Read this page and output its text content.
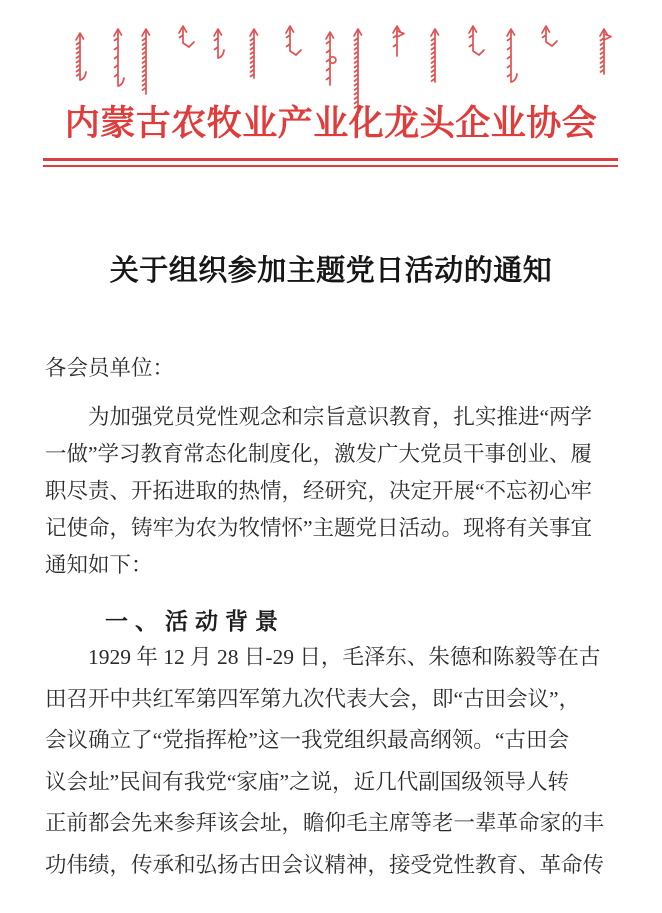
内蒙古农牧业产业化龙头企业协会
关于组织参加主题党日活动的通知
各会员单位：
为加强党员党性观念和宗旨意识教育，扎实推进“两学
一做”学习教育常态化制度化，激发广大党员干事创业、履
职尽责、开拓进取的热情，经研究，决定开展“不忘初心牢
记使命，铸牢为农为牧情怀”主题党日活动。现将有关事宜
通知如下：
一、活动背景
1929 年 12 月 28 日-29 日，毛泽东、朱德和陈毅等在古
田召开中共红军第四军第九次代表大会，即“古田会议”，
会议确立了“党指挥枪”这一我党组织最高纲领。“古田会
议会址”民间有我党“家庙”之说，近几代副国级领导人转
正前都会先来参拜该会址，瞻仰毛主席等老一辈革命家的丰
功伟绩，传承和弘扬古田会议精神，接受党性教育、革命传
